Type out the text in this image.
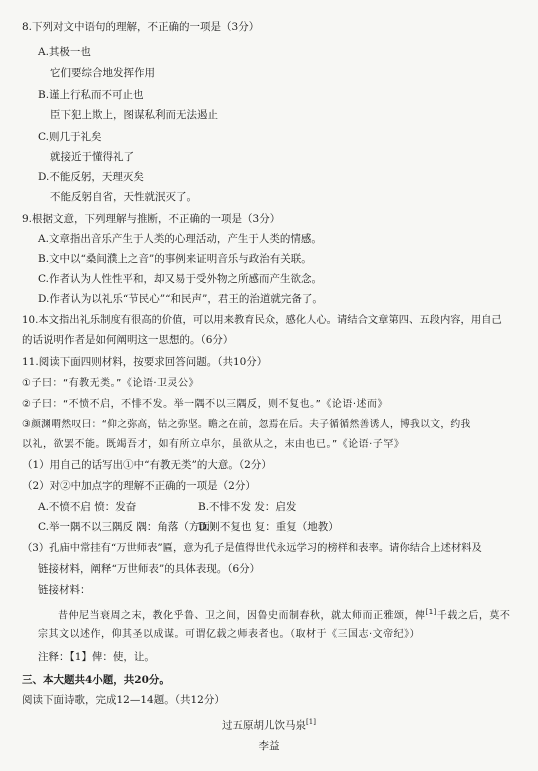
8.下列对文中语句的理解，不正确的一项是（3分）
A.其极一也
它们要综合地发挥作用
B.谨上行私而不可止也
臣下犯上欺上，图谋私利而无法遏止
C.则几于礼矣
就接近于懂得礼了
D.不能反躬，天理灭矣
不能反躬自省，天性就泯灭了。
9.根据文意，下列理解与推断，不正确的一项是（3分）
A.文章指出音乐产生于人类的心理活动，产生于人类的情感。
B.文中以“桑间濮上之音”的事例来证明音乐与政治有关联。
C.作者认为人性性平和，却又易于受外物之所感而产生欲念。
D.作者认为以礼乐“节民心”“和民声”，君王的治道就完备了。
10.本文指出礼乐制度有很高的价值，可以用来教育民众，感化人心。请结合文章第四、五段内容，用自己
的话说明作者是如何阐明这一思想的。（6分）
11.阅读下面四则材料，按要求回答问题。（共10分）
①子曰：“有教无类。”《论语·卫灵公》
②子曰：“不愤不启，不悱不发。举一隅不以三隅反，则不复也。”《论语·述而》
③颜渊喟然叹曰：“仰之弥高，钻之弥坚。瞻之在前，忽焉在后。夫子循循然善诱人，博我以文，约我
以礼，欲罢不能。既竭吾才，如有所立卓尔，虽欲从之，末由也已。”《论语·子罕》
（1）用自己的话写出①中“有教无类”的大意。（2分）
（2）对②中加点字的理解不正确的一项是（2分）
A.不愤不启 愤：发奋	B.不悱不发 发：启发
C.举一隅不以三隅反 隅：角落（方面）
D.则不复也 复：重复（地教）
（3）孔庙中常挂有“万世师表”匾，意为孔子是值得世代永远学习的榜样和表率。请你结合上述材料及
链接材料，阐释“万世师表”的具体表现。（6分）
链接材料：
昔仲尼当衰周之末，教化乎鲁、卫之间，因鲁史而制春秋，就太师而正雅颂，俾[1]千载之后，莫不
宗其文以述作，仰其圣以成谋。可谓亿载之师表者也。（取材于《三国志·文帝纪》）
注释：【1】俾：使，让。
三、本大题共4小题，共20分。
阅读下面诗歌，完成12—14题。（共12分）
过五原胡儿饮马泉[1]
李益
